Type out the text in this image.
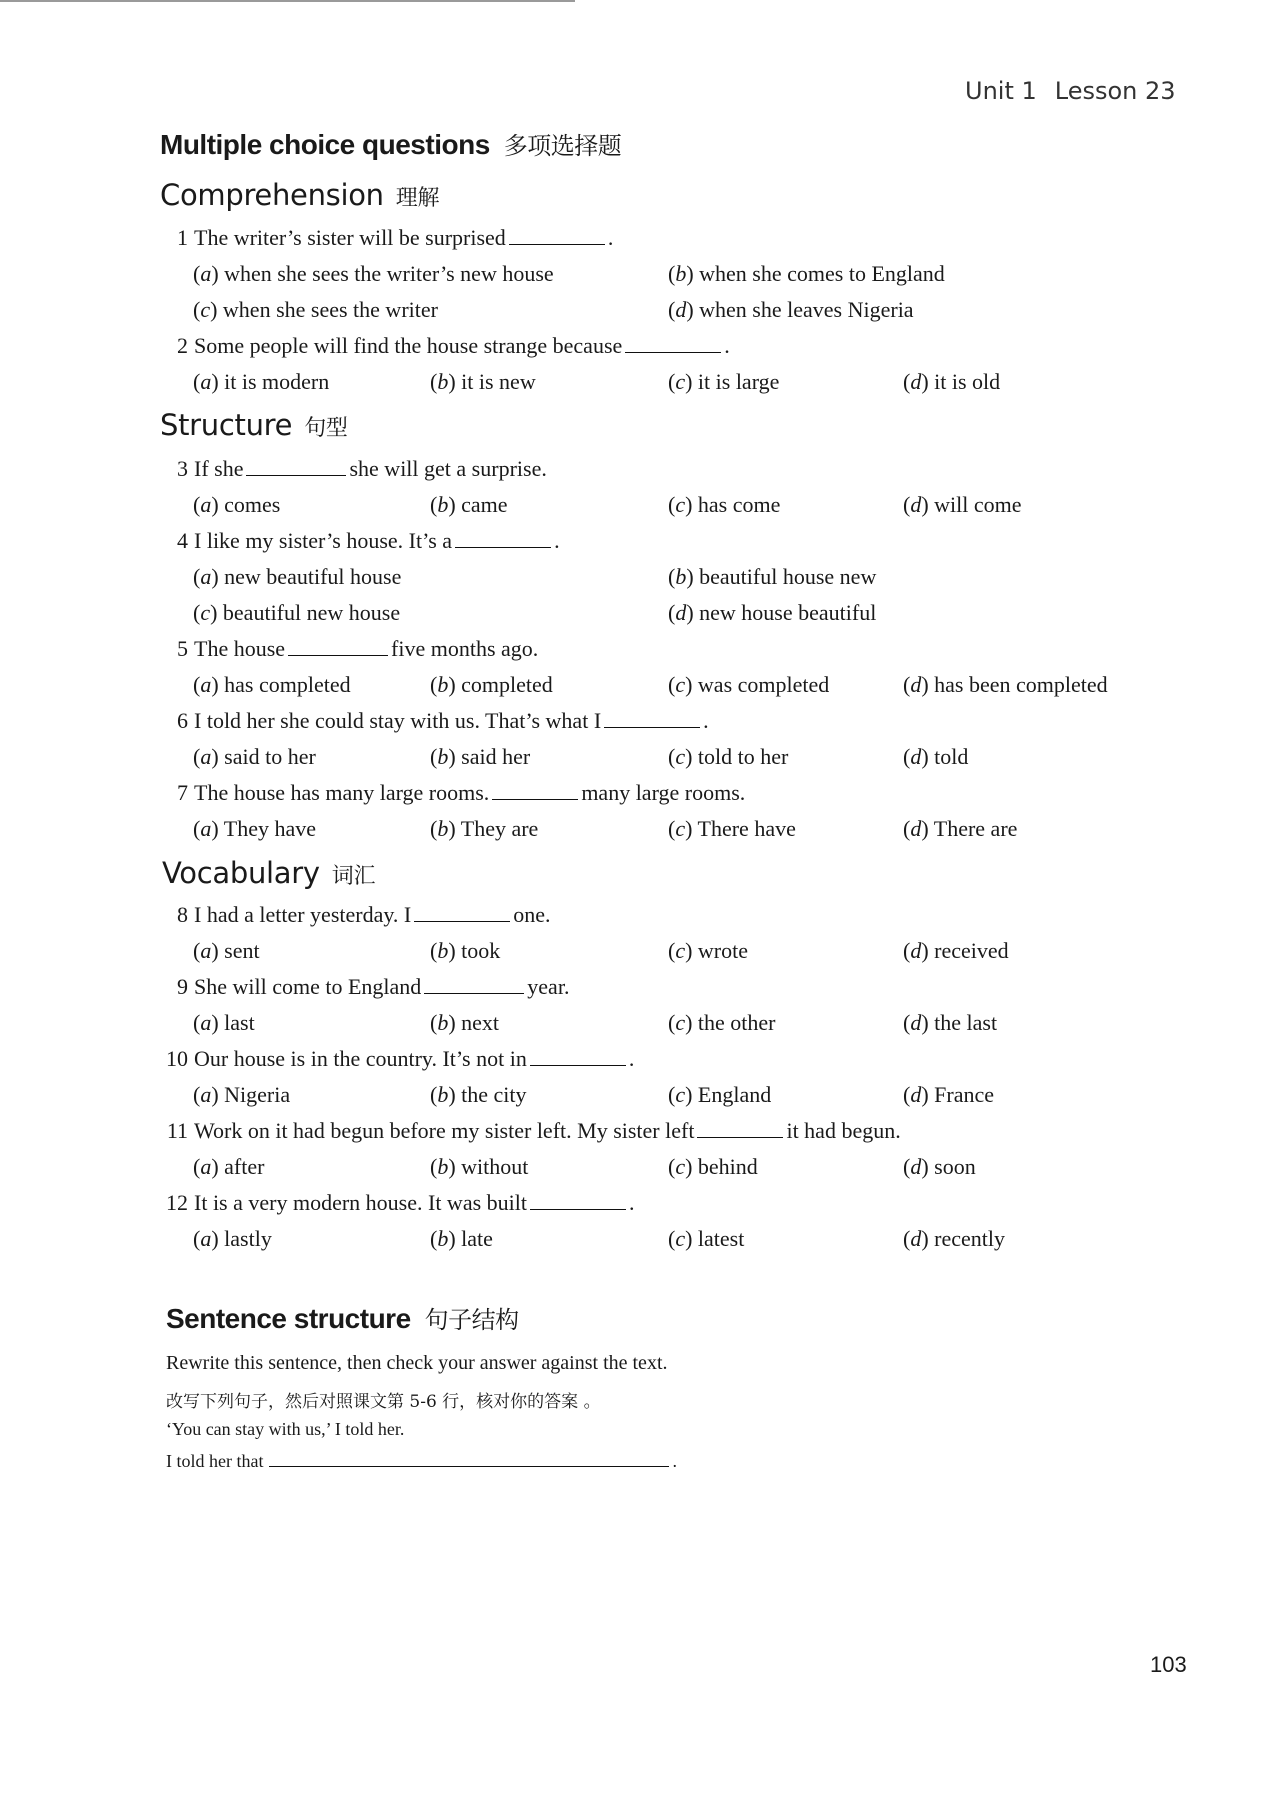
Unit 1 Lesson 23
Multiple choice questions 多项选择题
Comprehension 理解
1 The writer’s sister will be surprised	.
(a) when she sees the writer’s new house	(b) when she comes to England
(c) when she sees the writer	(d) when she leaves Nigeria
2 Some people will find the house strange because	.
(a) it is modern	(b) it is new	(c) it is large	(d) it is old
Structure 句型
3 If she	she will get a surprise.
(a) comes	(b) came	(c) has come	(d) will come
4 I like my sister’s house. It’s a	.
(a) new beautiful house	(b) beautiful house new
(c) beautiful new house	(d) new house beautiful
5 The house	five months ago.
(a) has completed	(b) completed	(c) was completed	(d) has been completed
6 I told her she could stay with us. That’s what I	.
(a) said to her	(b) said her	(c) told to her	(d) told
7 The house has many large rooms.	many large rooms.
(a) They have	(b) They are	(c) There have	(d) There are
Vocabulary 词汇
8 I had a letter yesterday. I	one.
(a) sent	(b) took	(c) wrote	(d) received
9 She will come to England	year.
(a) last	(b) next	(c) the other	(d) the last
10 Our house is in the country. It’s not in	.
(a) Nigeria	(b) the city	(c) England	(d) France
11 Work on it had begun before my sister left. My sister left	it had begun.
(a) after	(b) without	(c) behind	(d) soon
12 It is a very modern house. It was built	.
(a) lastly	(b) late	(c) latest	(d) recently
Sentence structure 句子结构
Rewrite this sentence, then check your answer against the text.
改写下列句子，然后对照课文第 5-6 行，核对你的答案 。
‘You can stay with us,’ I told her.
I told her that	.
103
